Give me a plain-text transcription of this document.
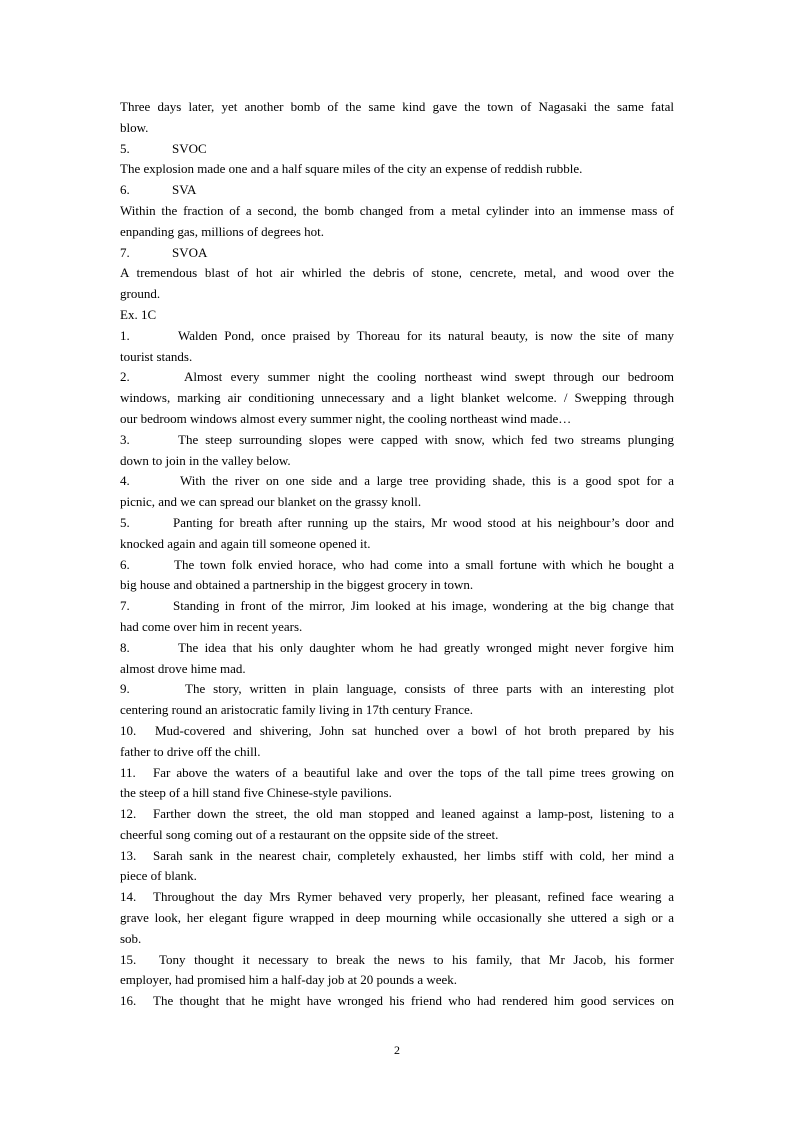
Three days later, yet another bomb of the same kind gave the town of Nagasaki the same fatal
blow.
5.	SVOC
The explosion made one and a half square miles of the city an expense of reddish rubble.
6.	SVA
Within the fraction of a second, the bomb changed from a metal cylinder into an immense mass of
enpanding gas, millions of degrees hot.
7.	SVOA
A tremendous blast of hot air whirled the debris of stone, cencrete, metal, and wood over the
ground.
Ex. 1C
1.	Walden Pond, once praised by Thoreau for its natural beauty, is now the site of many
tourist stands.
2.	Almost every summer night the cooling northeast wind swept through our bedroom
windows, marking air conditioning unnecessary and a light blanket welcome. / Swepping through
our bedroom windows almost every summer night, the cooling northeast wind made…
3.	The steep surrounding slopes were capped with snow, which fed two streams plunging
down to join in the valley below.
4.	With the river on one side and a large tree providing shade, this is a good spot for a
picnic, and we can spread our blanket on the grassy knoll.
5.	Panting for breath after running up the stairs, Mr wood stood at his neighbour’s door and
knocked again and again till someone opened it.
6.	The town folk envied horace, who had come into a small fortune with which he bought a
big house and obtained a partnership in the biggest grocery in town.
7.	Standing in front of the mirror, Jim looked at his image, wondering at the big change that
had come over him in recent years.
8.	The idea that his only daughter whom he had greatly wronged might never forgive him
almost drove hime mad.
9.	The story, written in plain language, consists of three parts with an interesting plot
centering round an aristocratic family living in 17th century France.
10. Mud-covered and shivering, John sat hunched over a bowl of hot broth prepared by his
father to drive off the chill.
11. Far above the waters of a beautiful lake and over the tops of the tall pime trees growing on
the steep of a hill stand five Chinese-style pavilions.
12. Farther down the street, the old man stopped and leaned against a lamp-post, listening to a
cheerful song coming out of a restaurant on the oppsite side of the street.
13. Sarah sank in the nearest chair, completely exhausted, her limbs stiff with cold, her mind a
piece of blank.
14. Throughout the day Mrs Rymer behaved very properly, her pleasant, refined face wearing a
grave look, her elegant figure wrapped in deep mourning while occasionally she uttered a sigh or a
sob.
15. Tony thought it necessary to break the news to his family, that Mr Jacob, his former
employer, had promised him a half-day job at 20 pounds a week.
16. The thought that he might have wronged his friend who had rendered him good services on
2
